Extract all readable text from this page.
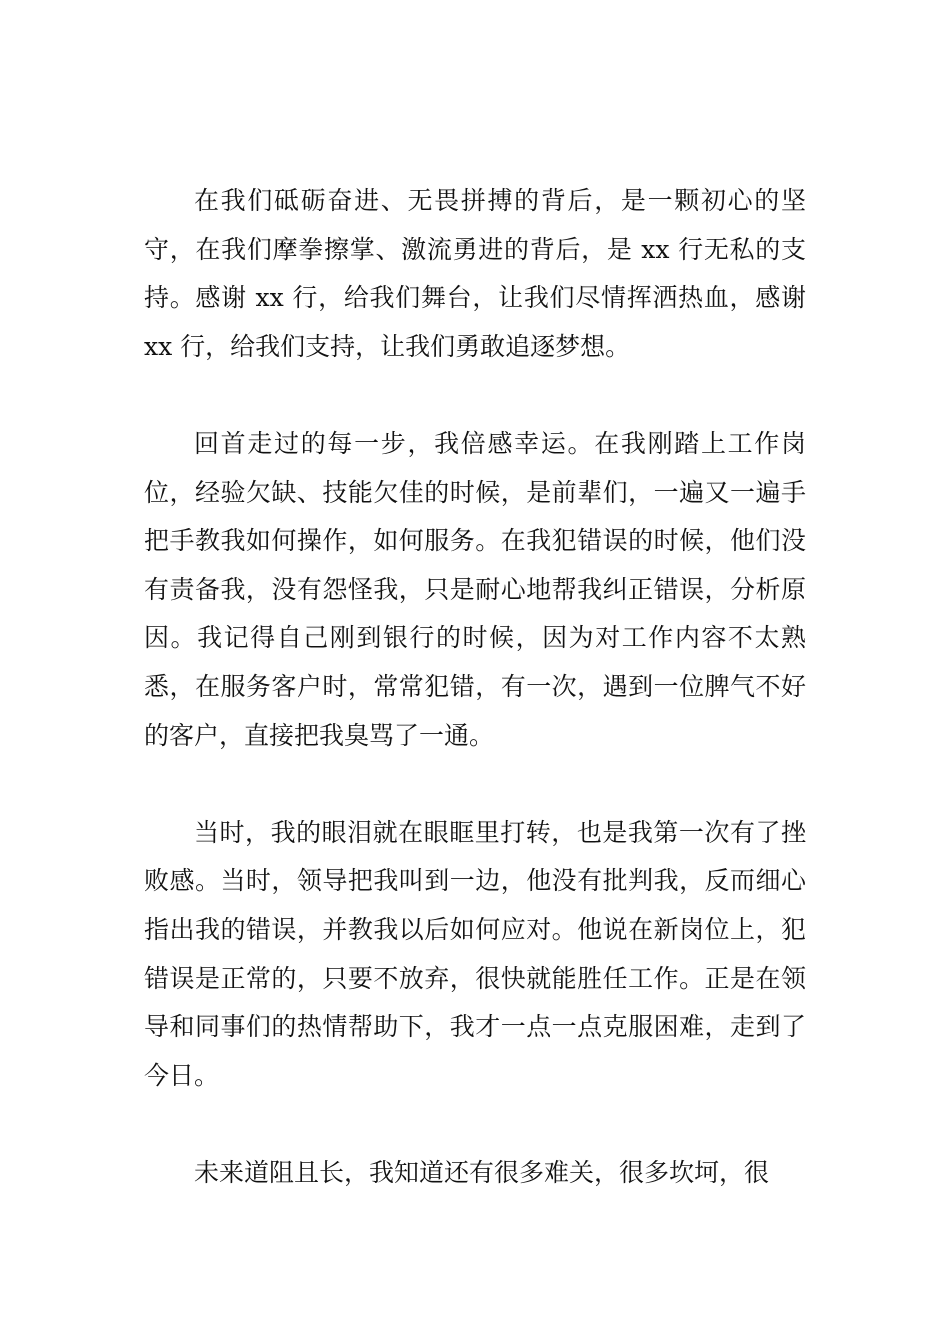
在我们砥砺奋进、无畏拼搏的背后，是一颗初心的坚守，在我们摩拳擦掌、激流勇进的背后，是 xx 行无私的支持。感谢 xx 行，给我们舞台，让我们尽情挥洒热血，感谢 xx 行，给我们支持，让我们勇敢追逐梦想。

回首走过的每一步，我倍感幸运。在我刚踏上工作岗位，经验欠缺、技能欠佳的时候，是前辈们，一遍又一遍手把手教我如何操作，如何服务。在我犯错误的时候，他们没有责备我，没有怨怪我，只是耐心地帮我纠正错误，分析原因。我记得自己刚到银行的时候，因为对工作内容不太熟悉，在服务客户时，常常犯错，有一次，遇到一位脾气不好的客户，直接把我臭骂了一通。

当时，我的眼泪就在眼眶里打转，也是我第一次有了挫败感。当时，领导把我叫到一边，他没有批判我，反而细心指出我的错误，并教我以后如何应对。他说在新岗位上，犯错误是正常的，只要不放弃，很快就能胜任工作。正是在领导和同事们的热情帮助下，我才一点一点克服困难，走到了今日。

未来道阻且长，我知道还有很多难关，很多坎坷，很
